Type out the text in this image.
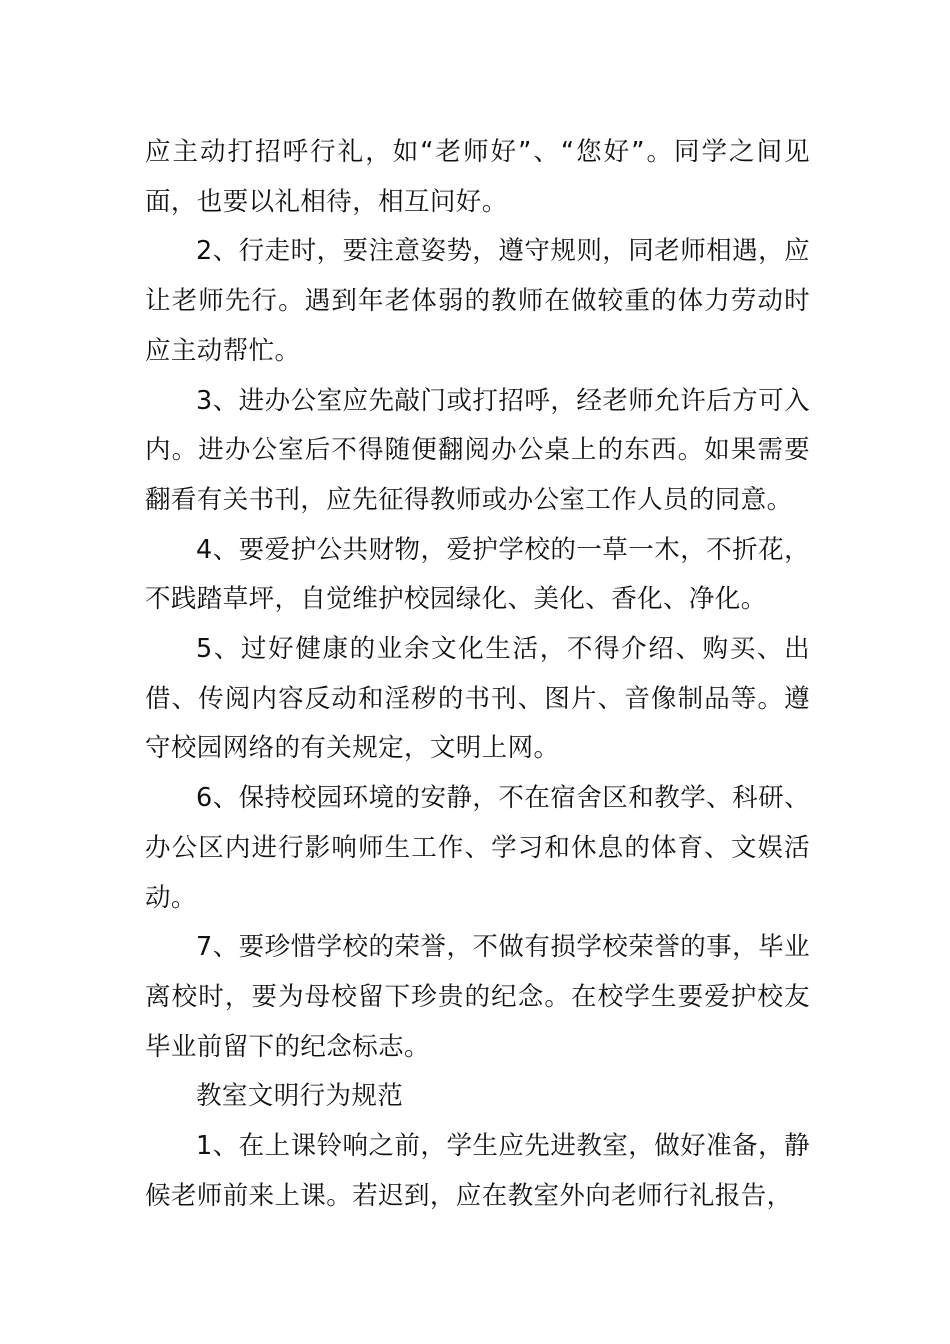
应主动打招呼行礼，如“老师好”、“您好”。同学之间见面，也要以礼相待，相互问好。

2、行走时，要注意姿势，遵守规则，同老师相遇，应让老师先行。遇到年老体弱的教师在做较重的体力劳动时应主动帮忙。

3、进办公室应先敲门或打招呼，经老师允许后方可入内。进办公室后不得随便翻阅办公桌上的东西。如果需要翻看有关书刊，应先征得教师或办公室工作人员的同意。

4、要爱护公共财物，爱护学校的一草一木，不折花，不践踏草坪，自觉维护校园绿化、美化、香化、净化。

5、过好健康的业余文化生活，不得介绍、购买、出借、传阅内容反动和淫秽的书刊、图片、音像制品等。遵守校园网络的有关规定，文明上网。

6、保持校园环境的安静，不在宿舍区和教学、科研、办公区内进行影响师生工作、学习和休息的体育、文娱活动。

7、要珍惜学校的荣誉，不做有损学校荣誉的事，毕业离校时，要为母校留下珍贵的纪念。在校学生要爱护校友毕业前留下的纪念标志。

教室文明行为规范

1、在上课铃响之前，学生应先进教室，做好准备，静候老师前来上课。若迟到，应在教室外向老师行礼报告，
